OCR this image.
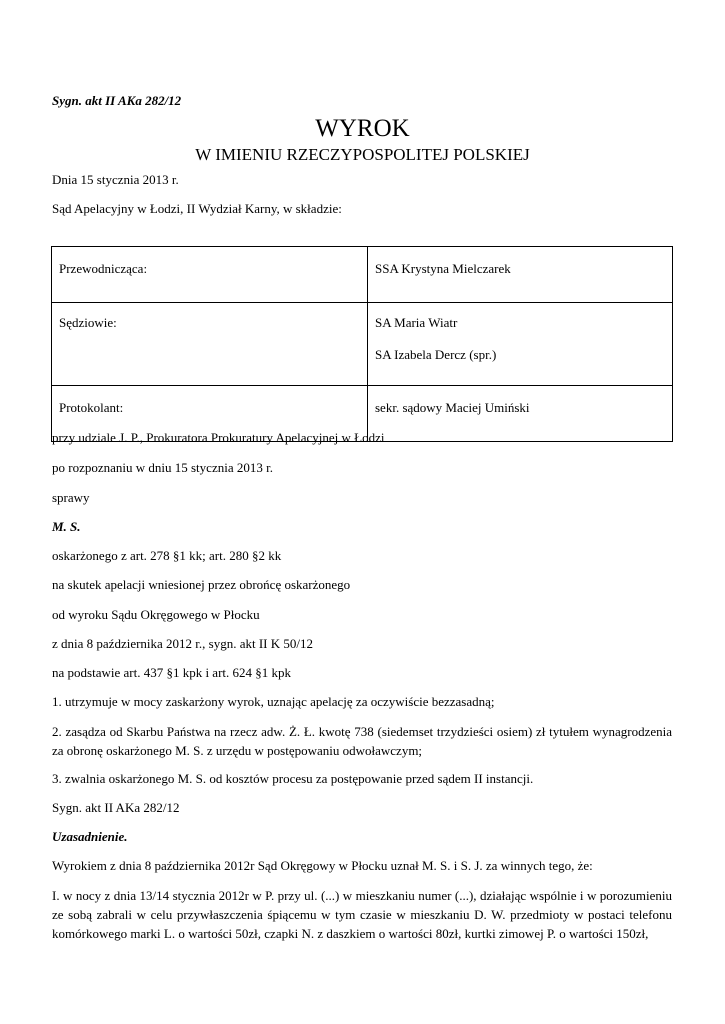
Sygn. akt II AKa 282/12
WYROK
W IMIENIU RZECZYPOSPOLITEJ POLSKIEJ
Dnia 15 stycznia 2013 r.
Sąd Apelacyjny w Łodzi, II Wydział Karny, w składzie:
Przewodnicząca:	SSA Krystyna Mielczarek
Sędziowie:	SA Maria Wiatr
SA Izabela Dercz (spr.)

Protokolant:	sekr. sądowy Maciej Umiński
przy udziale J. P., Prokuratora Prokuratury Apelacyjnej w Łodzi
po rozpoznaniu w dniu 15 stycznia 2013 r.
sprawy
M. S.
oskarżonego z art. 278 §1 kk; art. 280 §2 kk
na skutek apelacji wniesionej przez obrońcę oskarżonego
od wyroku Sądu Okręgowego w Płocku
z dnia 8 października 2012 r., sygn. akt II K 50/12
na podstawie art. 437 §1 kpk i art. 624 §1 kpk
1. utrzymuje w mocy zaskarżony wyrok, uznając apelację za oczywiście bezzasadną;
2. zasądza od Skarbu Państwa na rzecz adw. Ż. Ł. kwotę 738 (siedemset trzydzieści osiem) zł tytułem wynagrodzenia za obronę oskarżonego M. S. z urzędu w postępowaniu odwoławczym;
3. zwalnia oskarżonego M. S. od kosztów procesu za postępowanie przed sądem II instancji.
Sygn. akt II AKa 282/12
Uzasadnienie.
Wyrokiem z dnia 8 października 2012r Sąd Okręgowy w Płocku uznał M. S. i S. J. za winnych tego, że:
I. w nocy z dnia 13/14 stycznia 2012r w P. przy ul. (...) w mieszkaniu numer (...), działając wspólnie i w porozumieniu ze sobą zabrali w celu przywłaszczenia śpiącemu w tym czasie w mieszkaniu D. W. przedmioty w postaci telefonu komórkowego marki L. o wartości 50zł, czapki N. z daszkiem o wartości 80zł, kurtki zimowej P. o wartości 150zł,
